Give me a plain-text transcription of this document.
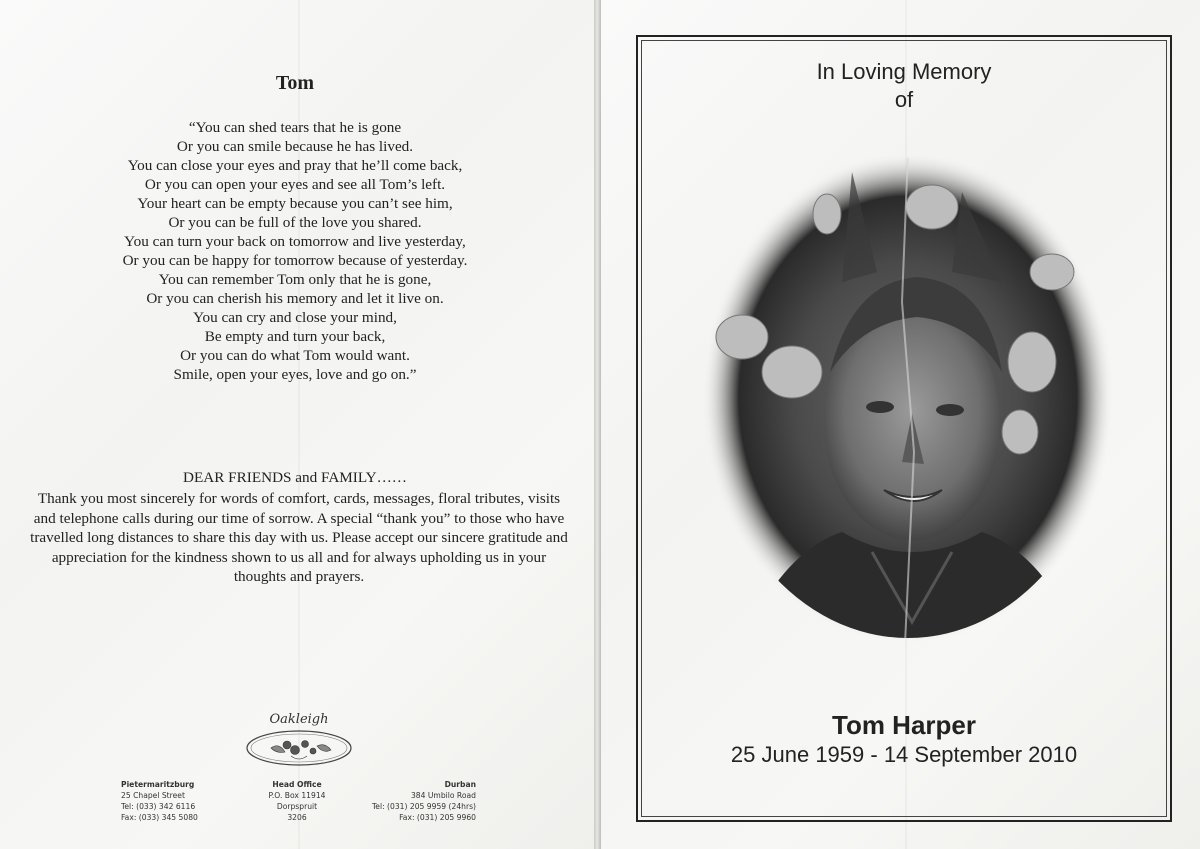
Tom
“You can shed tears that he is gone
Or you can smile because he has lived.
You can close your eyes and pray that he’ll come back,
Or you can open your eyes and see all Tom’s left.
Your heart can be empty because you can’t see him,
Or you can be full of the love you shared.
You can turn your back on tomorrow and live yesterday,
Or you can be happy for tomorrow because of yesterday.
You can remember Tom only that he is gone,
Or you can cherish his memory and let it live on.
You can cry and close your mind,
Be empty and turn your back,
Or you can do what Tom would want.
Smile, open your eyes, love and go on.”
DEAR FRIENDS and FAMILY……
Thank you most sincerely for words of comfort, cards, messages, floral tributes, visits and telephone calls during our time of sorrow. A special “thank you” to those who have travelled long distances to share this day with us. Please accept our sincere gratitude and appreciation for the kindness shown to us all and for always upholding us in your thoughts and prayers.
Oakleigh
Pietermaritzburg
25 Chapel Street
Tel: (033) 342 6116
Fax: (033) 345 5080
Head Office
P.O. Box 11914
Dorpspruit
3206
Durban
384 Umbilo Road
Tel: (031) 205 9959 (24hrs)
Fax: (031) 205 9960
In Loving Memory
of
Tom Harper
25 June 1959 - 14 September 2010
